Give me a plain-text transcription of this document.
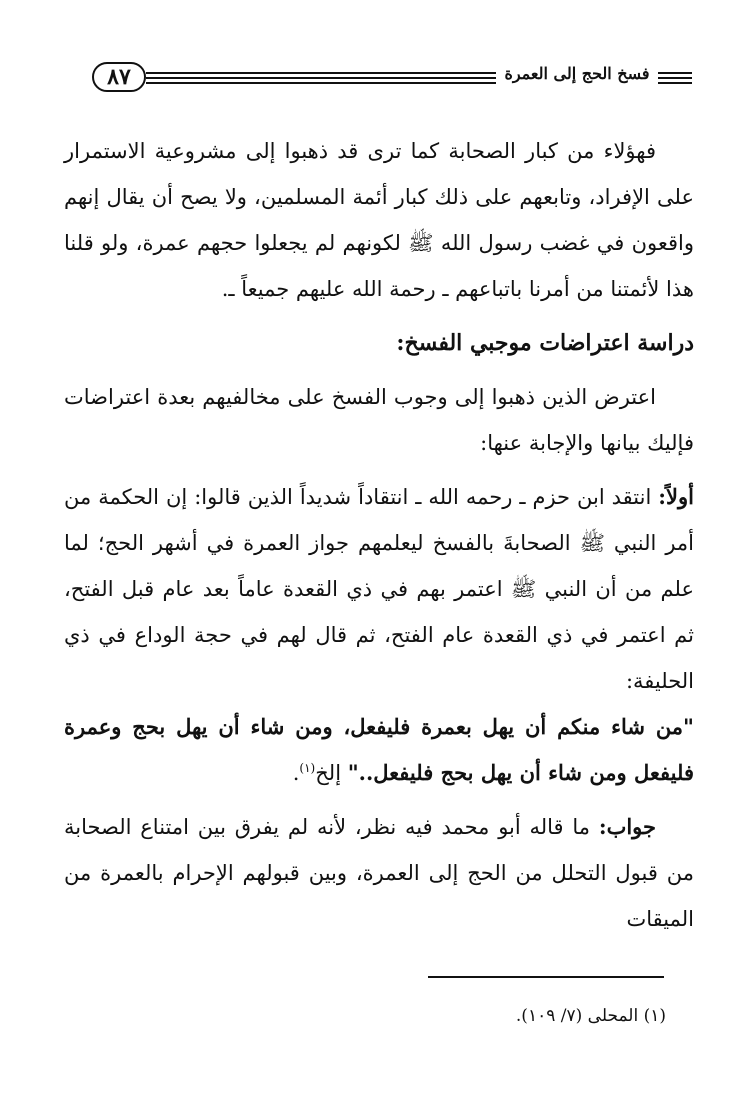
٨٧	فسخ الحج إلى العمرة

فهؤلاء من كبار الصحابة كما ترى قد ذهبوا إلى مشروعية الاستمرار على الإفراد، وتابعهم على ذلك كبار أئمة المسلمين، ولا يصح أن يقال إنهم واقعون في غضب رسول الله ﷺ لكونهم لم يجعلوا حجهم عمرة، ولو قلنا هذا لأئمتنا من أمرنا باتباعهم ـ رحمة الله عليهم جميعاً ـ.

دراسة اعتراضات موجبي الفسخ:

اعترض الذين ذهبوا إلى وجوب الفسخ على مخالفيهم بعدة اعتراضات فإليك بيانها والإجابة عنها:

أولاً: انتقد ابن حزم ـ رحمه الله ـ انتقاداً شديداً الذين قالوا: إن الحكمة من أمر النبي ﷺ الصحابةَ بالفسخ ليعلمهم جواز العمرة في أشهر الحج؛ لما علم من أن النبي ﷺ اعتمر بهم في ذي القعدة عاماً بعد عام قبل الفتح، ثم اعتمر في ذي القعدة عام الفتح، ثم قال لهم في حجة الوداع في ذي الحليفة:
"من شاء منكم أن يهل بعمرة فليفعل، ومن شاء أن يهل بحج وعمرة فليفعل ومن شاء أن يهل بحج فليفعل.." إلخ$^{(١)}$.

جواب: ما قاله أبو محمد فيه نظر، لأنه لم يفرق بين امتناع الصحابة من قبول التحلل من الحج إلى العمرة، وبين قبولهم الإحرام بالعمرة من الميقات

(١) المحلى (٧/ ١٠٩).
